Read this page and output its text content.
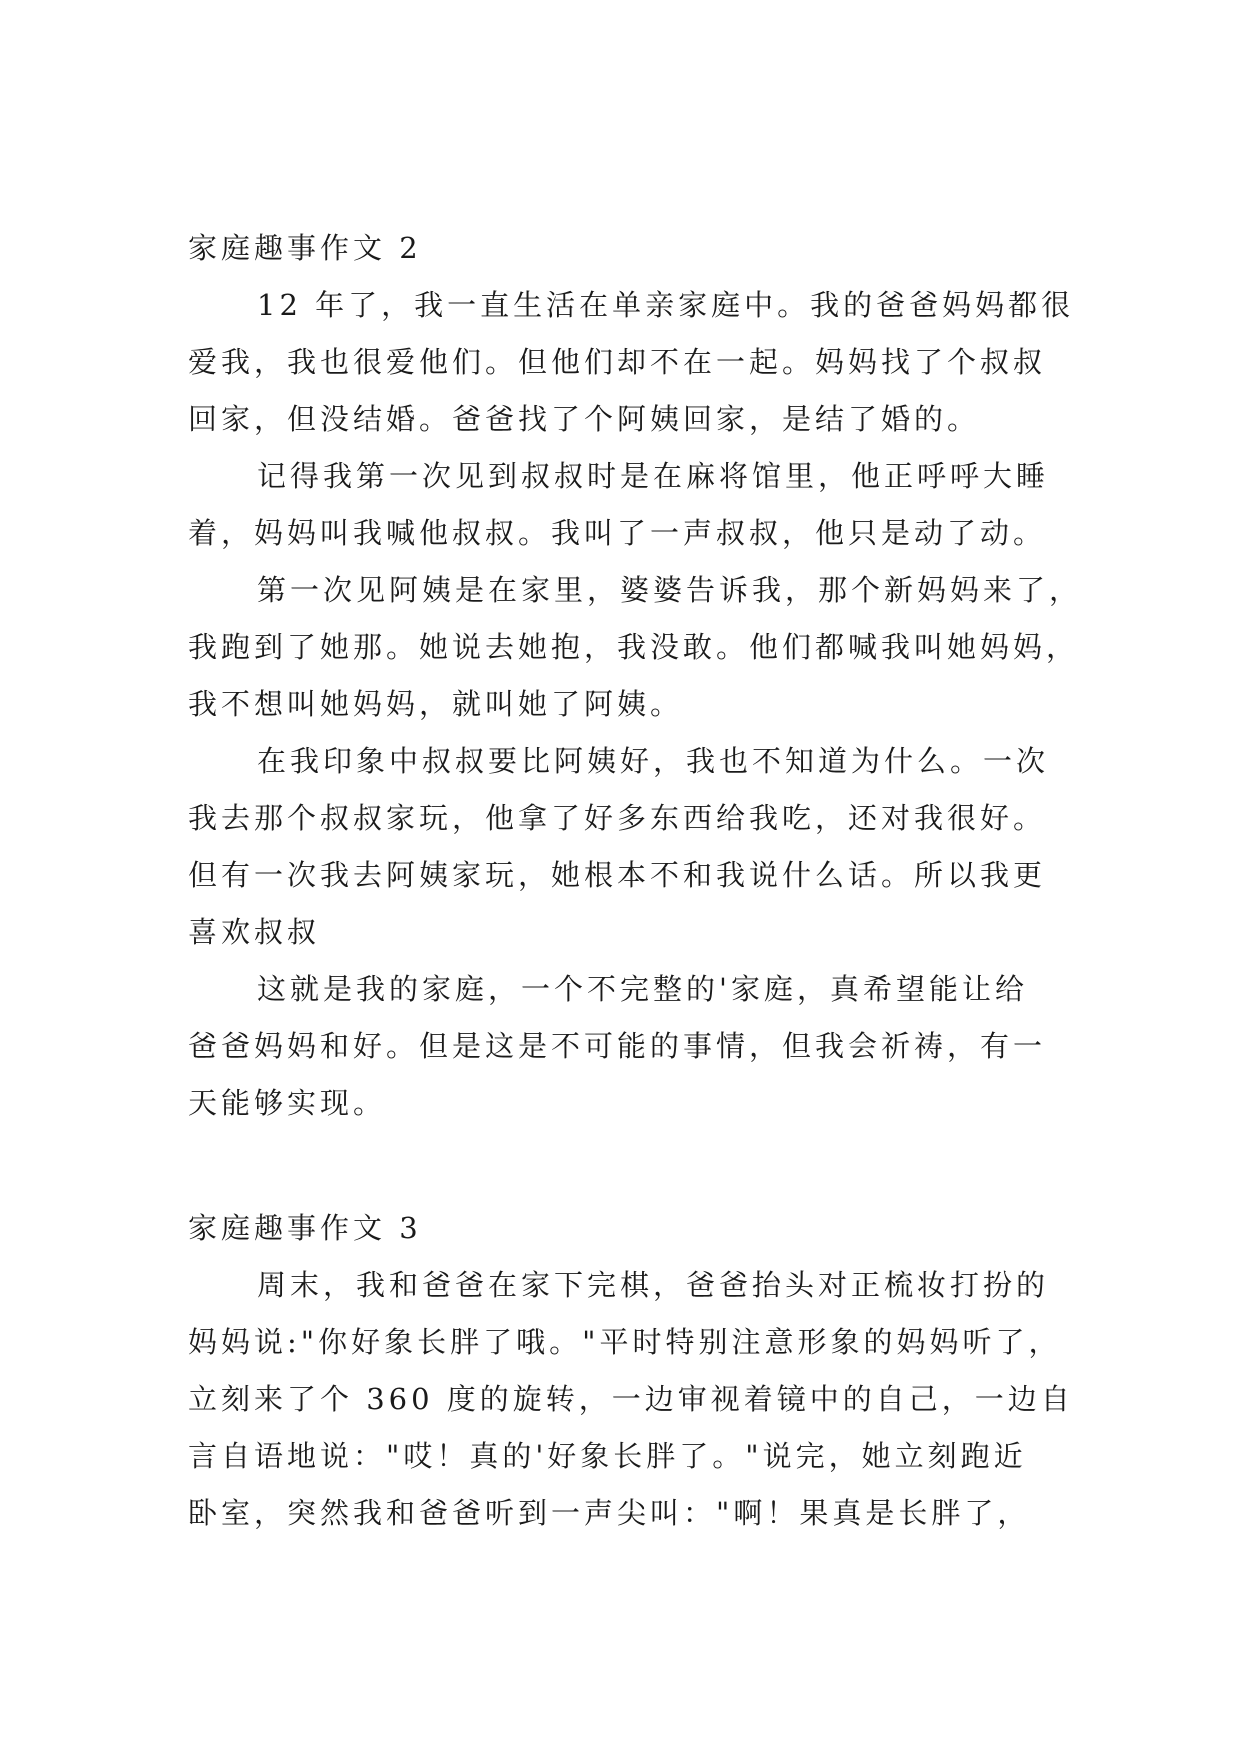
家庭趣事作文 2
12 年了，我一直生活在单亲家庭中。我的爸爸妈妈都很
爱我，我也很爱他们。但他们却不在一起。妈妈找了个叔叔
回家，但没结婚。爸爸找了个阿姨回家，是结了婚的。
记得我第一次见到叔叔时是在麻将馆里，他正呼呼大睡
着，妈妈叫我喊他叔叔。我叫了一声叔叔，他只是动了动。
第一次见阿姨是在家里，婆婆告诉我，那个新妈妈来了，
我跑到了她那。她说去她抱，我没敢。他们都喊我叫她妈妈，
我不想叫她妈妈，就叫她了阿姨。
在我印象中叔叔要比阿姨好，我也不知道为什么。一次
我去那个叔叔家玩，他拿了好多东西给我吃，还对我很好。
但有一次我去阿姨家玩，她根本不和我说什么话。所以我更
喜欢叔叔
这就是我的家庭，一个不完整的'家庭，真希望能让给
爸爸妈妈和好。但是这是不可能的事情，但我会祈祷，有一
天能够实现。
家庭趣事作文 3
周末，我和爸爸在家下完棋，爸爸抬头对正梳妆打扮的
妈妈说:"你好象长胖了哦。"平时特别注意形象的妈妈听了，
立刻来了个 360 度的旋转，一边审视着镜中的自己，一边自
言自语地说："哎！真的'好象长胖了。"说完，她立刻跑近
卧室，突然我和爸爸听到一声尖叫："啊！果真是长胖了，
